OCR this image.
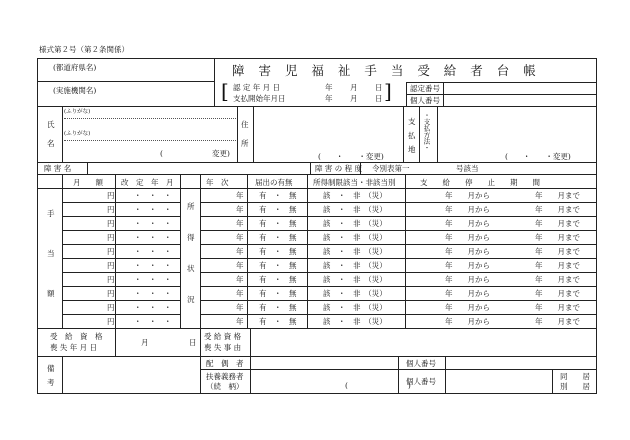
様式第２号（第２条関係）
(都道府県名)
(実施機関名)
障 害 児 福 祉 手 当 受 給 者 台 帳
[ 認 定 年 月 日
支払開始年月日
年 月 日
年 月 日 ] 認定番号
個人番号
氏
名
(ふりがな)
(ふりがな)
(	変更)
住
所
(　　・　　・変更)
支
払
地 ・支払方法・
(　　・　　・変更)
障 害 名	障 害 の 程 度 令別表第一	号該当
月　　額 改　定　年　月	年　次	届出の有無	所得制限該当・非該当別	支　　給　　停　　止　　期　　間
手
当
額
所
得
状
況
円	・　・　・	年 有　・　無	該　・　非　（災）	年　　月から	年　　月まで
円	・　・　・	年 有　・　無	該　・　非　（災）	年　　月から	年　　月まで
円	・　・　・	年 有　・　無	該　・　非　（災）	年　　月から	年　　月まで
円	・　・　・	年 有　・　無	該　・　非　（災）	年　　月から	年　　月まで
円	・　・　・	年 有　・　無	該　・　非　（災）	年　　月から	年　　月まで
円	・　・　・	年 有　・　無	該　・　非　（災）	年　　月から	年　　月まで
円	・　・　・	年 有　・　無	該　・　非　（災）	年　　月から	年　　月まで
円	・　・　・	年 有　・　無	該　・　非　（災）	年　　月から	年　　月まで
円	・　・　・	年 有　・　無	該　・　非　（災）	年　　月から	年　　月まで
円	・　・　・	年 有　・　無	該　・　非　（災）	年　　月から	年　　月まで
受　給　資　格
喪 失 年 月 日
月	日
受 給 資 格
喪 失 事 由
備
考
配　偶　者
扶養義務者
（続　柄）	(　　　　　　　　)
個人番号
個人番号
同　　居
別　　居
